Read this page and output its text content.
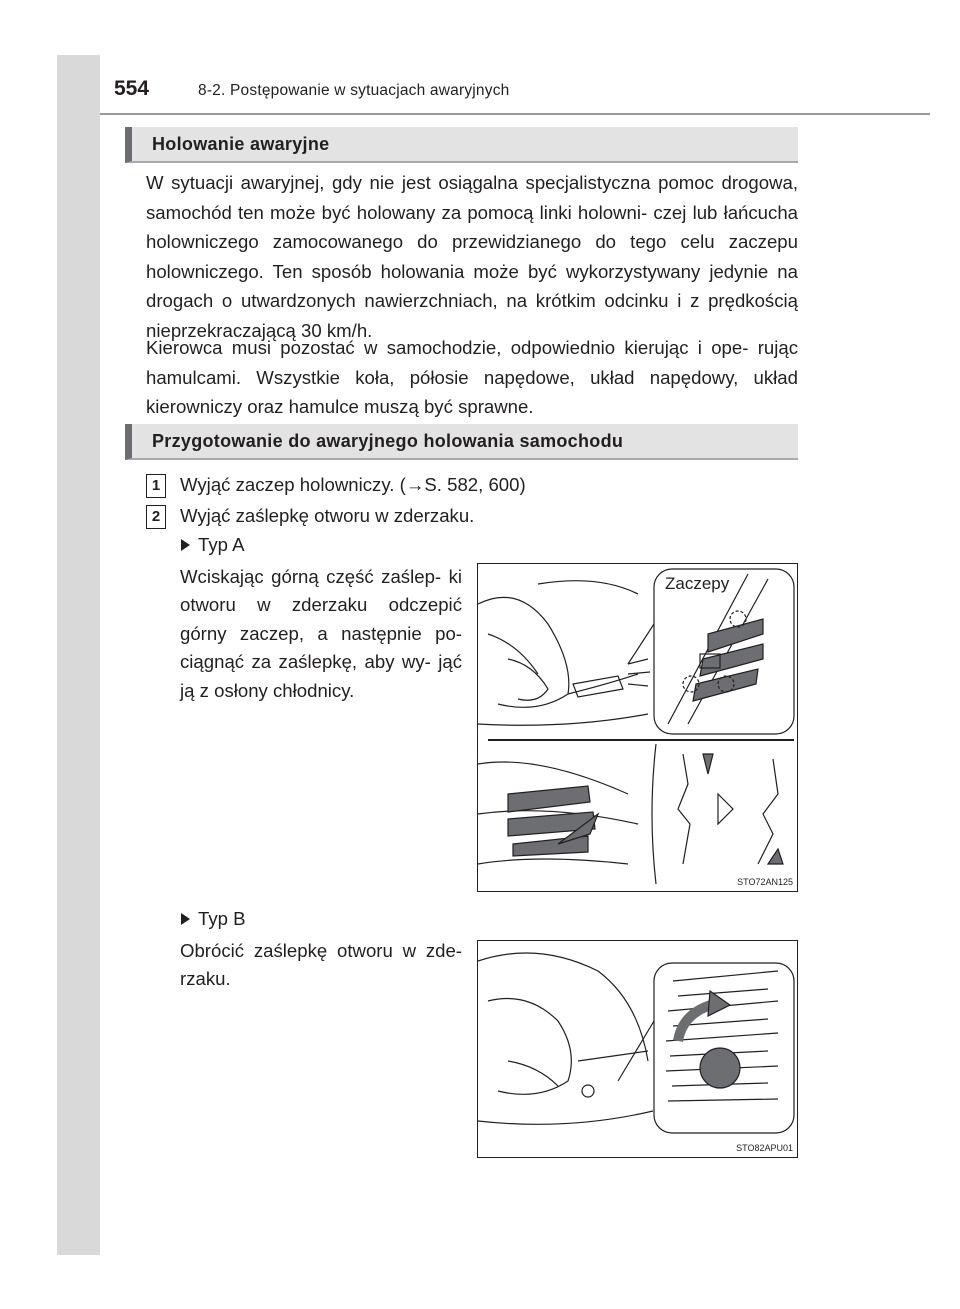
554	8-2. Postępowanie w sytuacjach awaryjnych
Holowanie awaryjne
W sytuacji awaryjnej, gdy nie jest osiągalna specjalistyczna pomoc drogowa, samochód ten może być holowany za pomocą linki holowni- czej lub łańcucha holowniczego zamocowanego do przewidzianego do tego celu zaczepu holowniczego. Ten sposób holowania może być wykorzystywany jedynie na drogach o utwardzonych nawierzchniach, na krótkim odcinku i z prędkością nieprzekraczającą 30 km/h.
Kierowca musi pozostać w samochodzie, odpowiednio kierując i ope- rując hamulcami. Wszystkie koła, półosie napędowe, układ napędowy, układ kierowniczy oraz hamulce muszą być sprawne.
Przygotowanie do awaryjnego holowania samochodu
1	Wyjąć zaczep holowniczy. (→S. 582, 600)
2	Wyjąć zaślepkę otworu w zderzaku.
Typ A
Wciskając górną część zaślep- ki otworu w zderzaku odczepić górny zaczep, a następnie po- ciągnąć za zaślepkę, aby wy- jąć ją z osłony chłodnicy.
Zaczepy
STO72AN125
Typ B
Obrócić zaślepkę otworu w zde- rzaku.
STO82APU01
